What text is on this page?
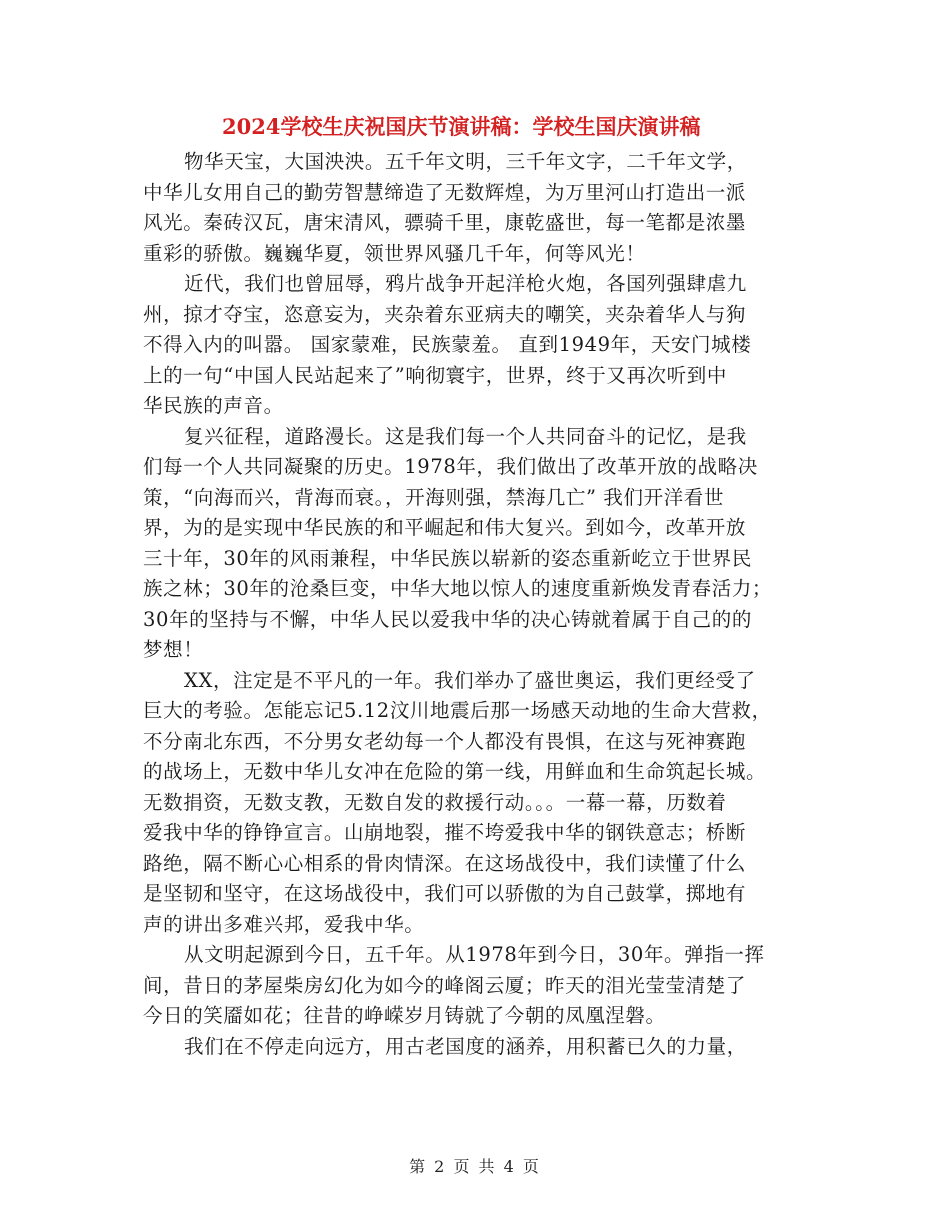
2024学校生庆祝国庆节演讲稿：学校生国庆演讲稿
物华天宝，大国泱泱。五千年文明，三千年文字，二千年文学，
中华儿女用自己的勤劳智慧缔造了无数辉煌，为万里河山打造出一派
风光。秦砖汉瓦，唐宋清风，骠骑千里，康乾盛世，每一笔都是浓墨
重彩的骄傲。巍巍华夏，领世界风骚几千年，何等风光！
近代，我们也曾屈辱，鸦片战争开起洋枪火炮，各国列强肆虐九
州，掠才夺宝，恣意妄为，夹杂着东亚病夫的嘲笑，夹杂着华人与狗
不得入内的叫嚣。 国家蒙难，民族蒙羞。 直到1949年，天安门城楼
上的一句“中国人民站起来了”响彻寰宇，世界，终于又再次听到中
华民族的声音。
复兴征程，道路漫长。这是我们每一个人共同奋斗的记忆，是我
们每一个人共同凝聚的历史。1978年，我们做出了改革开放的战略决
策，“向海而兴，背海而衰。，开海则强，禁海几亡” 我们开洋看世
界，为的是实现中华民族的和平崛起和伟大复兴。到如今，改革开放
三十年，30年的风雨兼程，中华民族以崭新的姿态重新屹立于世界民
族之林；30年的沧桑巨变，中华大地以惊人的速度重新焕发青春活力；
30年的坚持与不懈，中华人民以爱我中华的决心铸就着属于自己的的
梦想！
XX，注定是不平凡的一年。我们举办了盛世奥运，我们更经受了
巨大的考验。怎能忘记5.12汶川地震后那一场感天动地的生命大营救，
不分南北东西，不分男女老幼每一个人都没有畏惧，在这与死神赛跑
的战场上，无数中华儿女冲在危险的第一线，用鲜血和生命筑起长城。
无数捐资，无数支教，无数自发的救援行动。。。一幕一幕，历数着
爱我中华的铮铮宣言。山崩地裂，摧不垮爱我中华的钢铁意志；桥断
路绝，隔不断心心相系的骨肉情深。在这场战役中，我们读懂了什么
是坚韧和坚守，在这场战役中，我们可以骄傲的为自己鼓掌，掷地有
声的讲出多难兴邦，爱我中华。
从文明起源到今日，五千年。从1978年到今日，30年。弹指一挥
间，昔日的茅屋柴房幻化为如今的峰阁云厦；昨天的泪光莹莹清楚了
今日的笑靥如花；往昔的峥嵘岁月铸就了今朝的凤凰涅磐。
我们在不停走向远方，用古老国度的涵养，用积蓄已久的力量，
第 2 页 共 4 页
